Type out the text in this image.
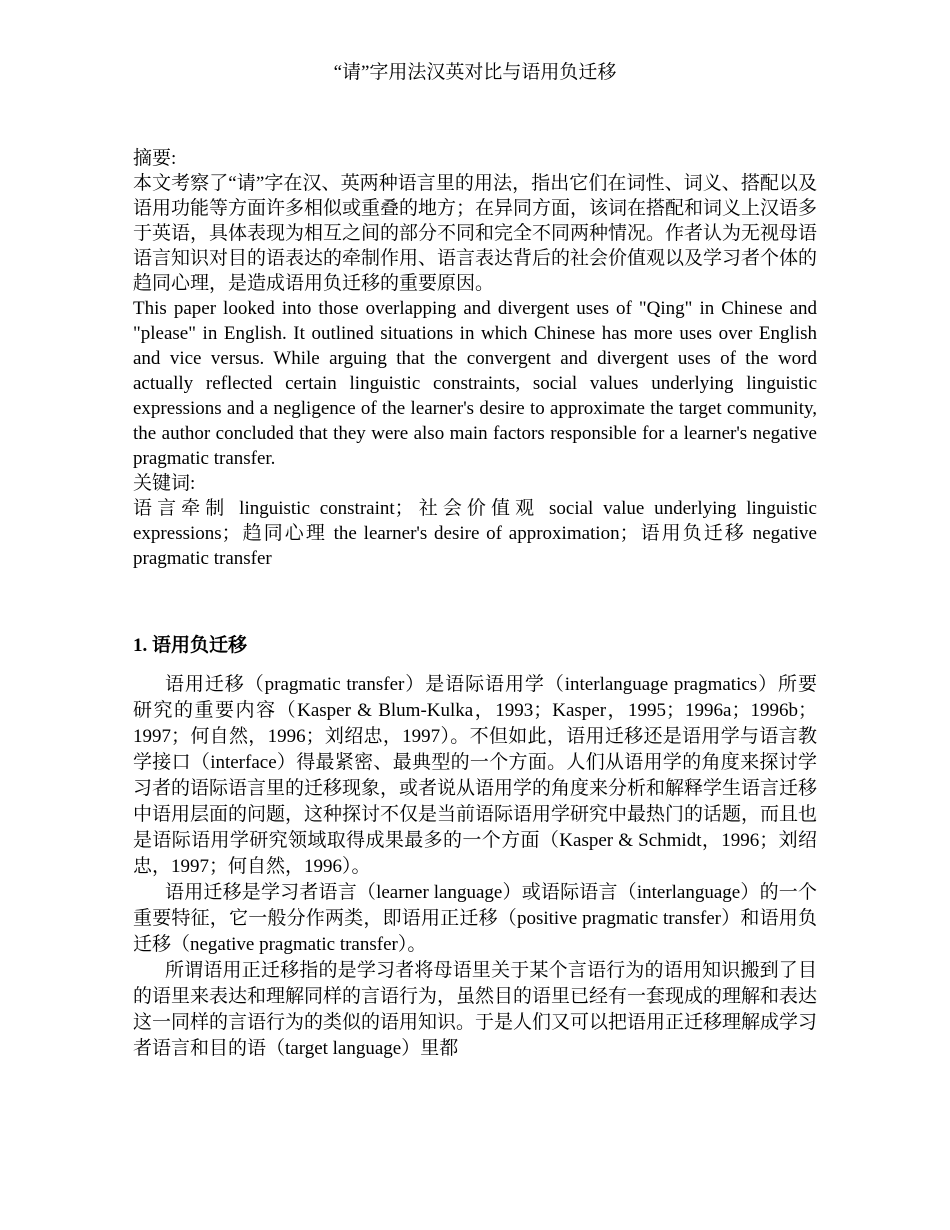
“请”字用法汉英对比与语用负迁移
摘要:

本文考察了“请”字在汉、英两种语言里的用法，指出它们在词性、词义、搭配以及语用功能等方面许多相似或重叠的地方；在异同方面，该词在搭配和词义上汉语多于英语，具体表现为相互之间的部分不同和完全不同两种情况。作者认为无视母语语言知识对目的语表达的牵制作用、语言表达背后的社会价值观以及学习者个体的趋同心理，是造成语用负迁移的重要原因。

This paper looked into those overlapping and divergent uses of "Qing" in Chinese and "please" in English. It outlined situations in which Chinese has more uses over English and vice versus. While arguing that the convergent and divergent uses of the word actually reflected certain linguistic constraints, social values underlying linguistic expressions and a negligence of the learner's desire to approximate the target community, the author concluded that they were also main factors responsible for a learner's negative pragmatic transfer.

关键词:

语言牵制 linguistic constraint；社会价值观 social value underlying linguistic expressions；趋同心理 the learner's desire of approximation；语用负迁移 negative pragmatic transfer

1. 语用负迁移

语用迁移（pragmatic transfer）是语际语用学（interlanguage pragmatics）所要研究的重要内容（Kasper & Blum-Kulka，1993；Kasper，1995；1996a；1996b；1997；何自然，1996；刘绍忠，1997）。不但如此，语用迁移还是语用学与语言教学接口（interface）得最紧密、最典型的一个方面。人们从语用学的角度来探讨学习者的语际语言里的迁移现象，或者说从语用学的角度来分析和解释学生语言迁移中语用层面的问题，这种探讨不仅是当前语际语用学研究中最热门的话题，而且也是语际语用学研究领域取得成果最多的一个方面（Kasper & Schmidt，1996；刘绍忠，1997；何自然，1996）。

语用迁移是学习者语言（learner language）或语际语言（interlanguage）的一个重要特征，它一般分作两类，即语用正迁移（positive pragmatic transfer）和语用负迁移（negative pragmatic transfer）。

所谓语用正迁移指的是学习者将母语里关于某个言语行为的语用知识搬到了目的语里来表达和理解同样的言语行为，虽然目的语里已经有一套现成的理解和表达这一同样的言语行为的类似的语用知识。于是人们又可以把语用正迁移理解成学习者语言和目的语（target language）里都
